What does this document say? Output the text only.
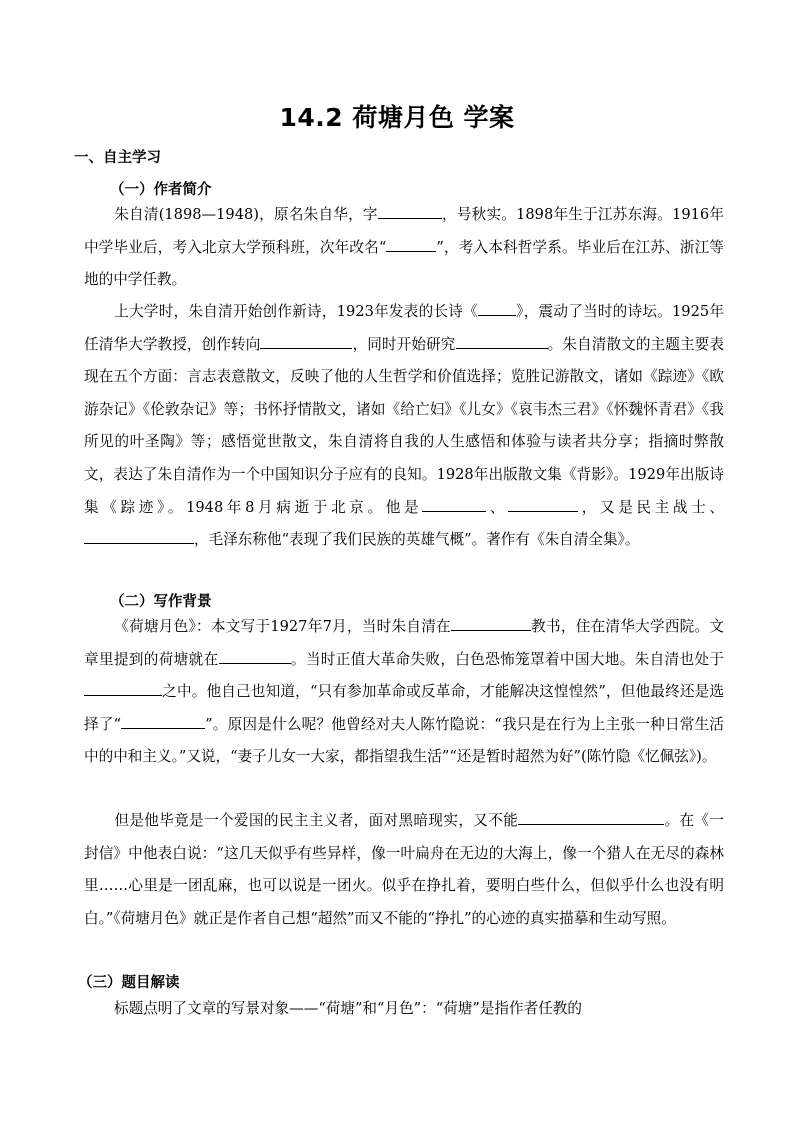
14.2 荷塘月色 学案
一、自主学习
（一）作者简介
朱自清(1898—1948)，原名朱自华，字	，号秋实。1898年生于江苏东海。1916年中学毕业后，考入北京大学预科班，次年改名“	”，考入本科哲学系。毕业后在江苏、浙江等地的中学任教。
上大学时，朱自清开始创作新诗，1923年发表的长诗《	》，震动了当时的诗坛。1925年任清华大学教授，创作转向	，同时开始研究	。朱自清散文的主题主要表现在五个方面：言志表意散文，反映了他的人生哲学和价值选择；览胜记游散文，诸如《踪迹》《欧游杂记》《伦敦杂记》等；书怀抒情散文，诸如《给亡妇》《儿女》《哀韦杰三君》《怀魏怀青君》《我所见的叶圣陶》等；感悟觉世散文，朱自清将自我的人生感悟和体验与读者共分享；指摘时弊散文，表达了朱自清作为一个中国知识分子应有的良知。1928年出版散文集《背影》。1929年出版诗集《踪迹》。1948年8月病逝于北京。他是	、	，又是民主战士、，毛泽东称他“表现了我们民族的英雄气概”。著作有《朱自清全集》。
（二）写作背景
《荷塘月色》：本文写于1927年7月，当时朱自清在	教书，住在清华大学西院。文章里提到的荷塘就在	。当时正值大革命失败，白色恐怖笼罩着中国大地。朱自清也处于之中。他自己也知道，“只有参加革命或反革命，才能解决这惶惶然”，但他最终还是选择了“	”。原因是什么呢？他曾经对夫人陈竹隐说：“我只是在行为上主张一种日常生活中的中和主义。”又说，“妻子儿女一大家，都指望我生活”“还是暂时超然为好”(陈竹隐《忆佩弦》)。
但是他毕竟是一个爱国的民主主义者，面对黑暗现实，又不能	。在《一封信》中他表白说：“这几天似乎有些异样，像一叶扁舟在无边的大海上，像一个猎人在无尽的森林里……心里是一团乱麻，也可以说是一团火。似乎在挣扎着，要明白些什么，但似乎什么也没有明白。”《荷塘月色》就正是作者自己想“超然”而又不能的“挣扎”的心迹的真实描摹和生动写照。
（三）题目解读
标题点明了文章的写景对象——“荷塘”和“月色”：“荷塘”是指作者任教的
